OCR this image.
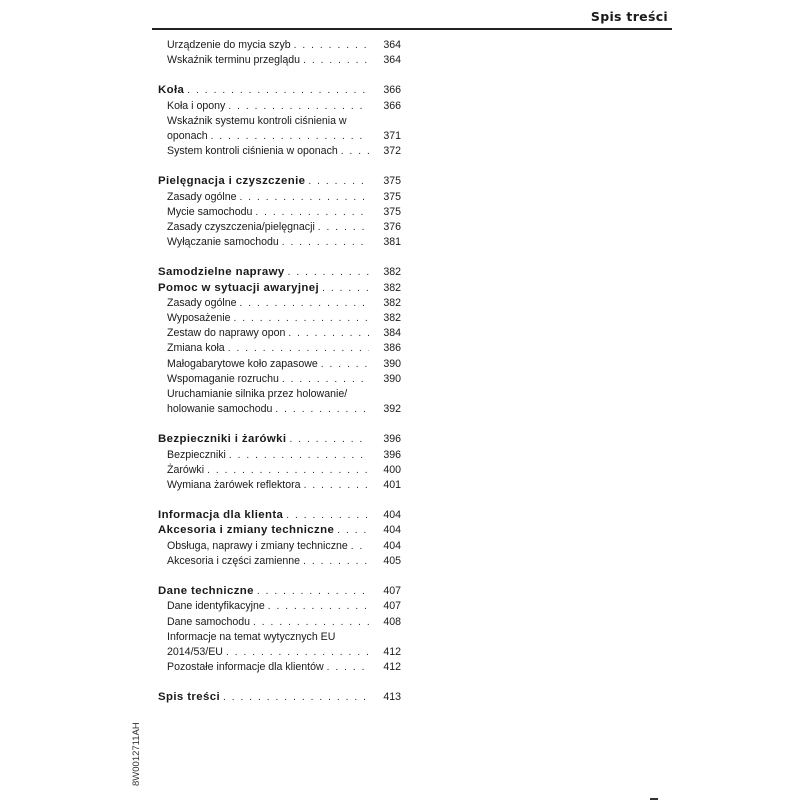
Spis treści
Urządzenie do mycia szyb . . .	364
Wskaźnik terminu przeglądu . . .	364
Koła . . .	366
Koła i opony . . .	366
Wskaźnik systemu kontroli ciśnienia w
oponach . . .	371
System kontroli ciśnienia w oponach . . .	372
Pielęgnacja i czyszczenie . . .	375
Zasady ogólne . . .	375
Mycie samochodu . . .	375
Zasady czyszczenia/pielęgnacji . . .	376
Wyłączanie samochodu . . .	381
Samodzielne naprawy . . .	382
Pomoc w sytuacji awaryjnej . . .	382
Zasady ogólne . . .	382
Wyposażenie . . .	382
Zestaw do naprawy opon . . .	384
Zmiana koła . . .	386
Małogabarytowe koło zapasowe . . .	390
Wspomaganie rozruchu . . .	390
Uruchamianie silnika przez holowanie/
holowanie samochodu . . .	392
Bezpieczniki i żarówki . . .	396
Bezpieczniki . . .	396
Żarówki . . .	400
Wymiana żarówek reflektora . . .	401
Informacja dla klienta . . .	404
Akcesoria i zmiany techniczne . . .	404
Obsługa, naprawy i zmiany techniczne . . .	404
Akcesoria i części zamienne . . .	405
Dane techniczne . . .	407
Dane identyfikacyjne . . .	407
Dane samochodu . . .	408
Informacje na temat wytycznych EU
2014/53/EU . . .	412
Pozostałe informacje dla klientów . . .	412
Spis treści . . .	413
8W0012711AH
